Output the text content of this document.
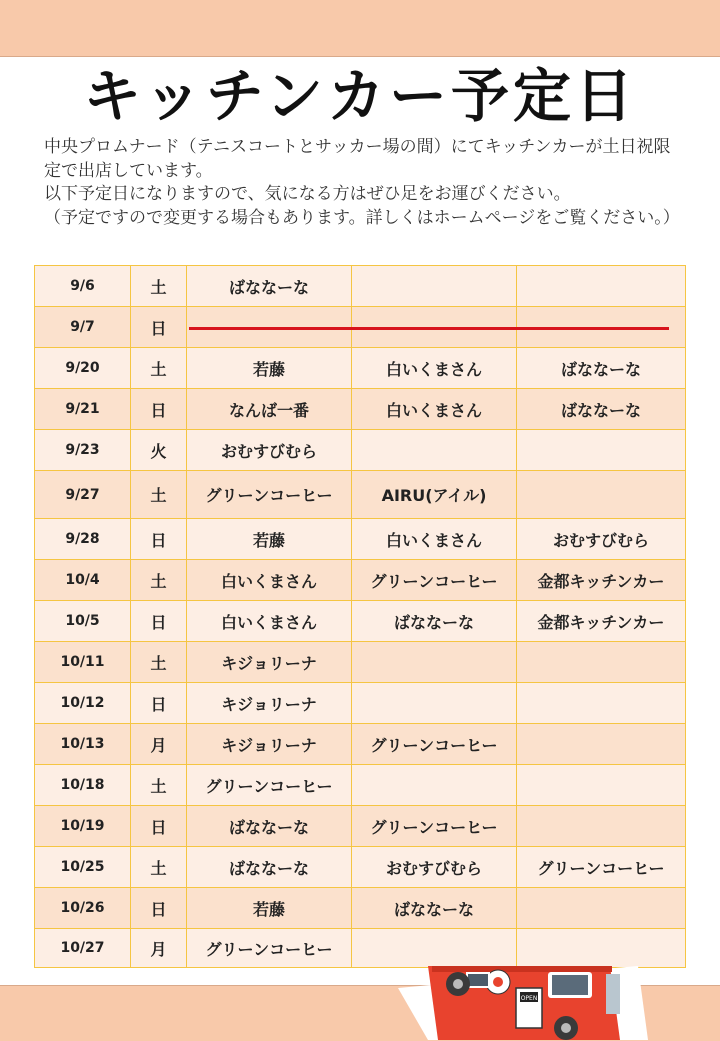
キッチンカー予定日

中央プロムナード（テニスコートとサッカー場の間）にてキッチンカーが土日祝限定で出店しています。

以下予定日になりますので、気になる方はぜひ足をお運びください。

（予定ですので変更する場合もあります。詳しくはホームページをご覧ください。）

9/6	土	ばななーな		
9/7	日			
9/20	土	若藤	白いくまさん	ばななーな
9/21	日	なんば一番	白いくまさん	ばななーな
9/23	火	おむすびむら		
9/27	土	グリーンコーヒー	AIRU(アイル)	
9/28	日	若藤	白いくまさん	おむすびむら
10/4	土	白いくまさん	グリーンコーヒー	金都キッチンカー
10/5	日	白いくまさん	ばななーな	金都キッチンカー
10/11	土	キジョリーナ		
10/12	日	キジョリーナ		
10/13	月	キジョリーナ	グリーンコーヒー	
10/18	土	グリーンコーヒー		
10/19	日	ばななーな	グリーンコーヒー	
10/25	土	ばななーな	おむすびむら	グリーンコーヒー
10/26	日	若藤	ばななーな	
10/27	月	グリーンコーヒー		
OPEN
